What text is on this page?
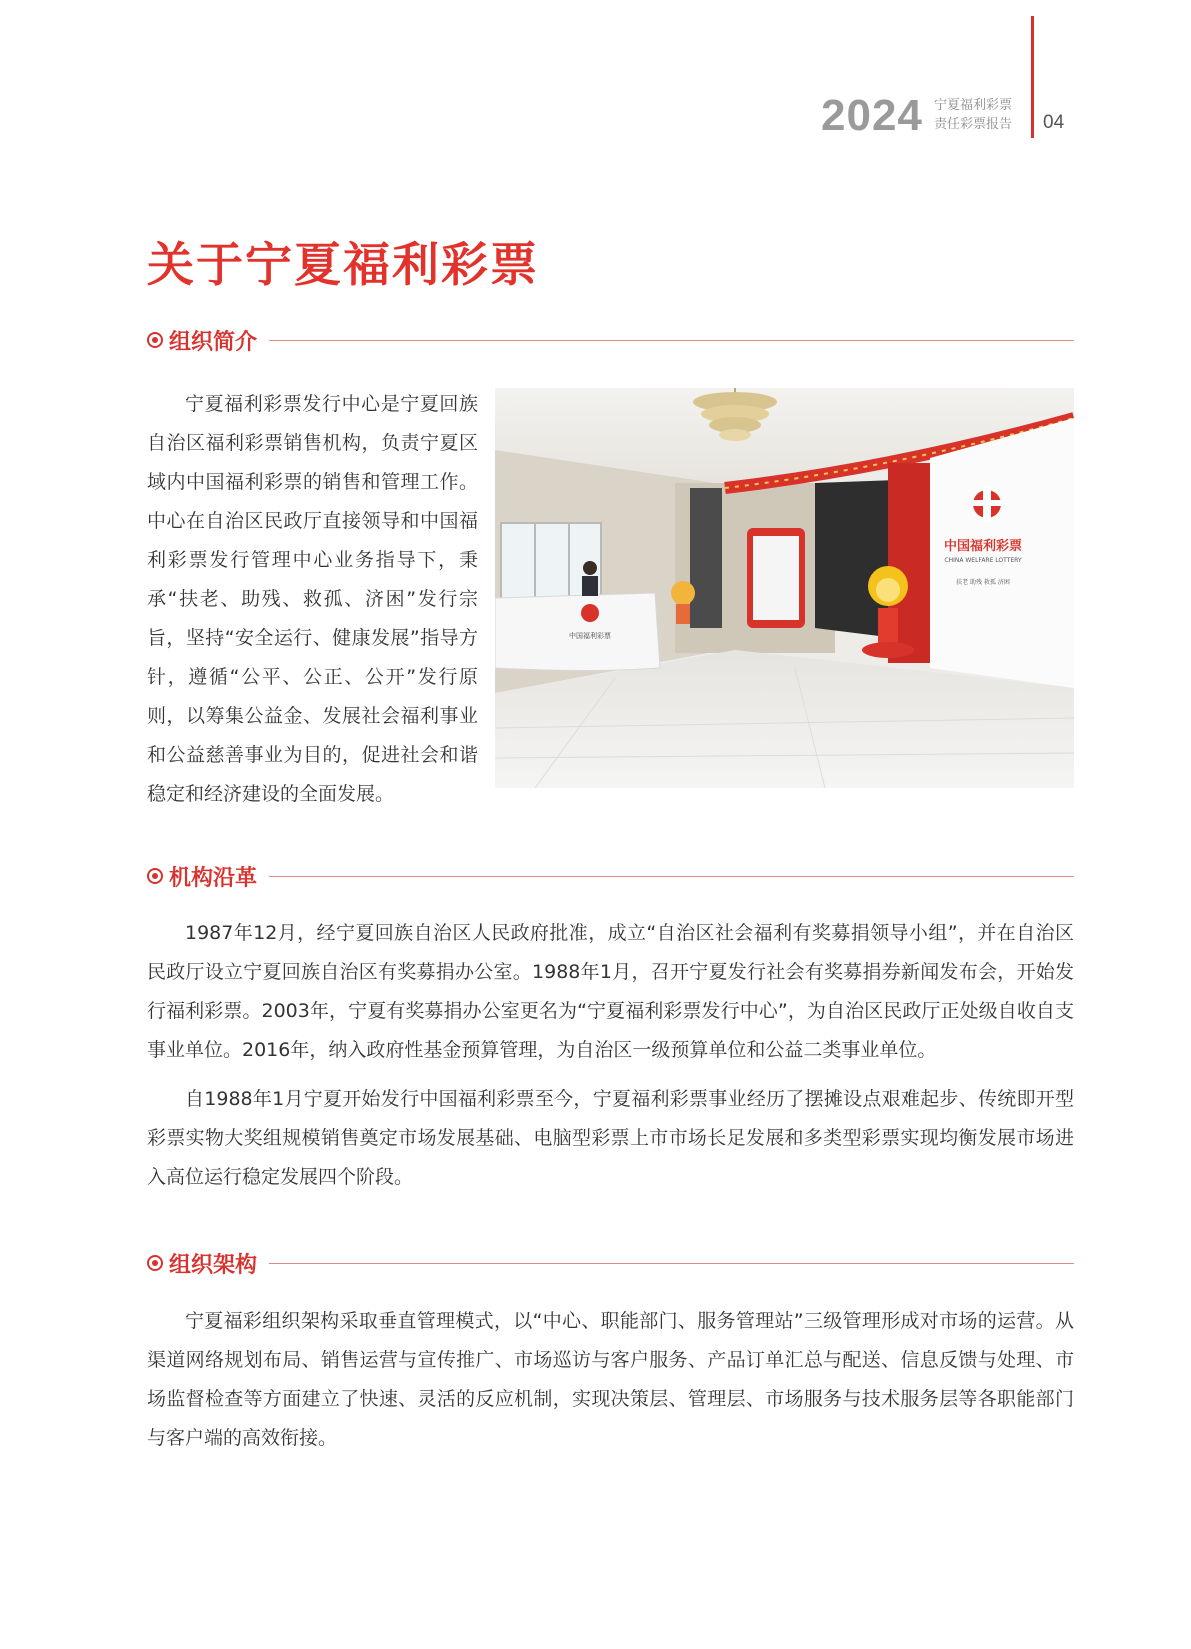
2024 宁夏福利彩票
责任彩票报告 04
关于宁夏福利彩票
组织简介

宁夏福利彩票发行中心是宁夏回族自治区福利彩票销售机构，负责宁夏区域内中国福利彩票的销售和管理工作。中心在自治区民政厅直接领导和中国福利彩票发行管理中心业务指导下，秉承“扶老、助残、救孤、济困”发行宗旨，坚持“安全运行、健康发展”指导方针，遵循“公平、公正、公开”发行原则，以筹集公益金、发展社会福利事业和公益慈善事业为目的，促进社会和谐稳定和经济建设的全面发展。

中国福利彩票
CHINA WELFARE LOTTERY
扶老 助残 救孤 济困
中国福利彩票
机构沿革

1987年12月，经宁夏回族自治区人民政府批准，成立“自治区社会福利有奖募捐领导小组”，并在自治区民政厅设立宁夏回族自治区有奖募捐办公室。1988年1月，召开宁夏发行社会有奖募捐券新闻发布会，开始发行福利彩票。2003年，宁夏有奖募捐办公室更名为“宁夏福利彩票发行中心”，为自治区民政厅正处级自收自支事业单位。2016年，纳入政府性基金预算管理，为自治区一级预算单位和公益二类事业单位。

自1988年1月宁夏开始发行中国福利彩票至今，宁夏福利彩票事业经历了摆摊设点艰难起步、传统即开型彩票实物大奖组规模销售奠定市场发展基础、电脑型彩票上市市场长足发展和多类型彩票实现均衡发展市场进入高位运行稳定发展四个阶段。

组织架构

宁夏福彩组织架构采取垂直管理模式，以“中心、职能部门、服务管理站”三级管理形成对市场的运营。从渠道网络规划布局、销售运营与宣传推广、市场巡访与客户服务、产品订单汇总与配送、信息反馈与处理、市场监督检查等方面建立了快速、灵活的反应机制，实现决策层、管理层、市场服务与技术服务层等各职能部门与客户端的高效衔接。
